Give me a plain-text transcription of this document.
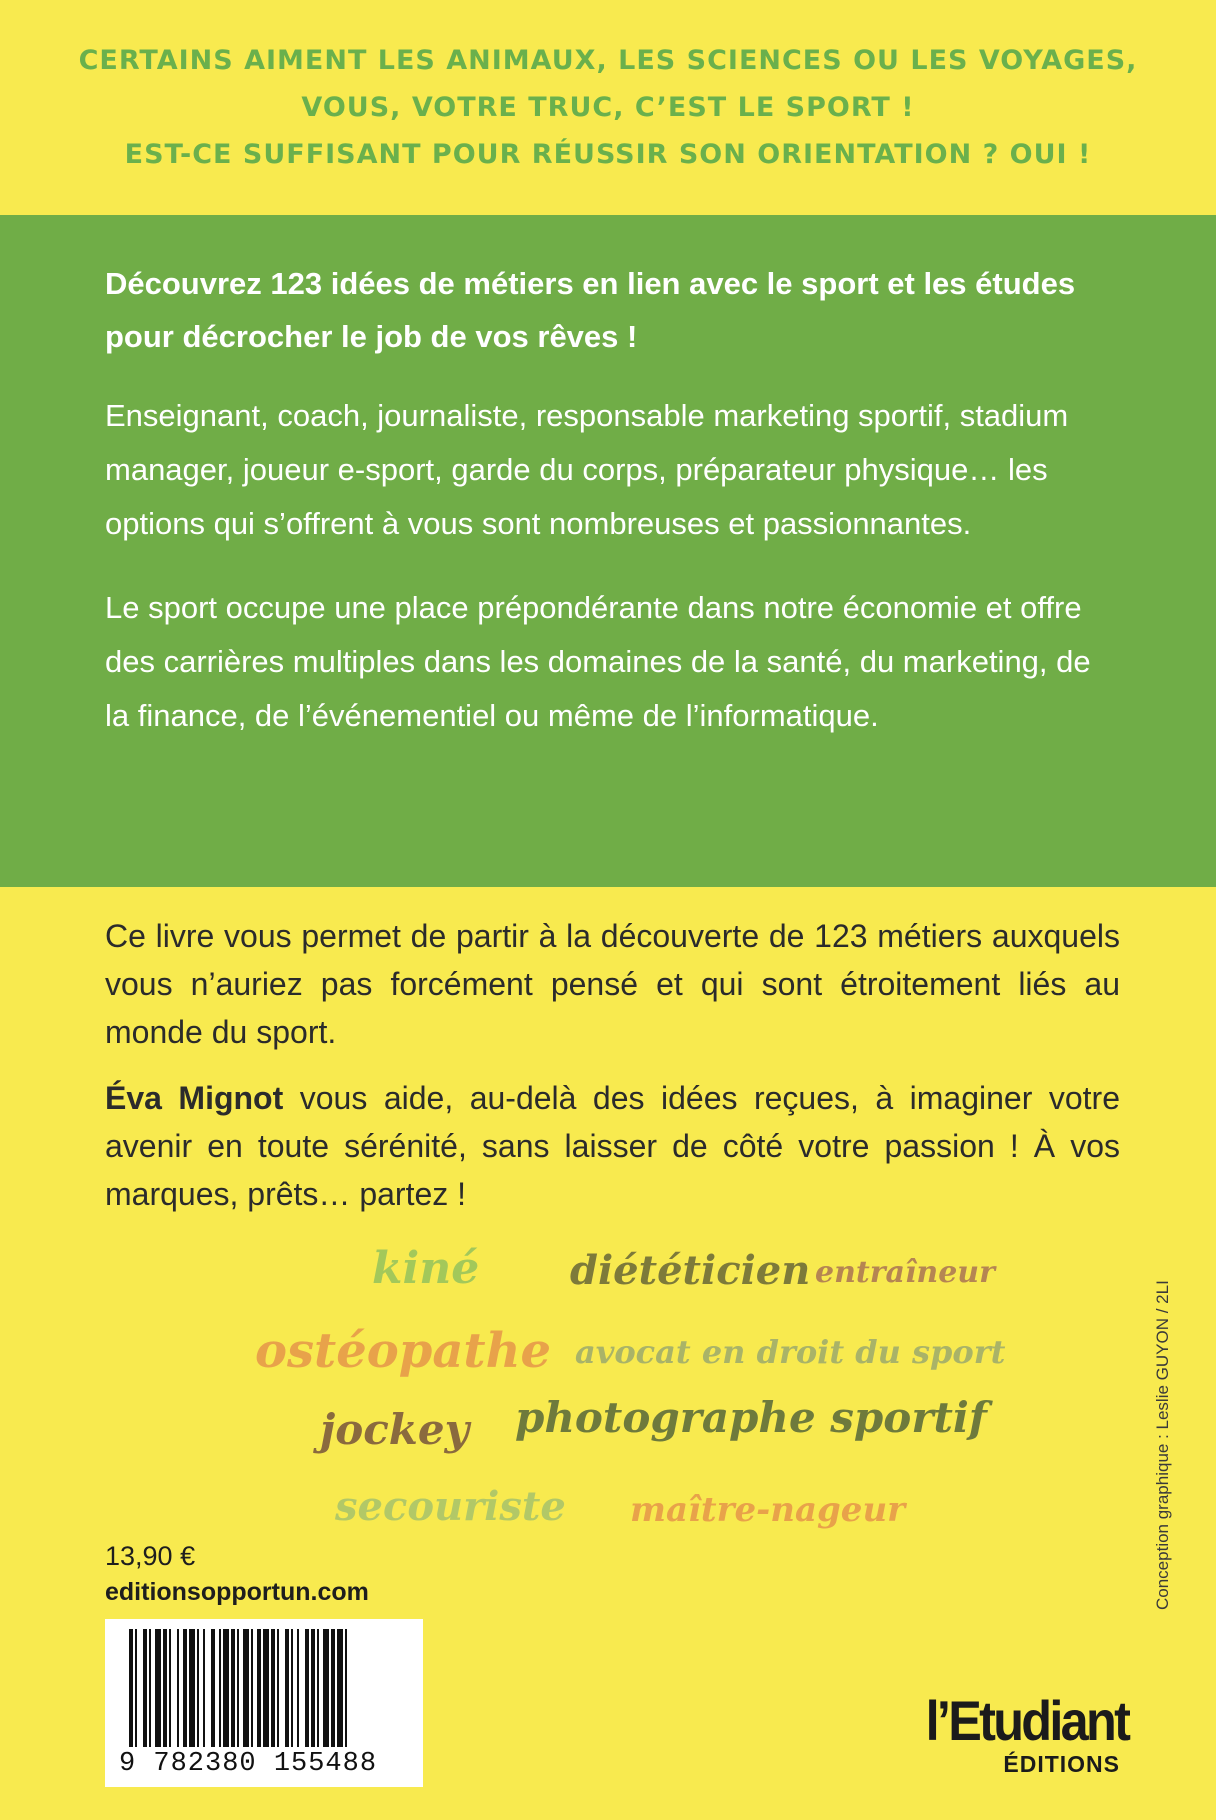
CERTAINS AIMENT LES ANIMAUX, LES SCIENCES OU LES VOYAGES,
VOUS, VOTRE TRUC, C’EST LE SPORT !
EST-CE SUFFISANT POUR RÉUSSIR SON ORIENTATION ? OUI !

Découvrez 123 idées de métiers en lien avec le sport et les études pour décrocher le job de vos rêves !

Enseignant, coach, journaliste, responsable marketing sportif, stadium manager, joueur e-sport, garde du corps, préparateur physique… les options qui s’offrent à vous sont nombreuses et passionnantes.

Le sport occupe une place prépondérante dans notre économie et offre des carrières multiples dans les domaines de la santé, du marketing, de la finance, de l’événementiel ou même de l’informatique.

Ce livre vous permet de partir à la découverte de 123 métiers auxquels vous n’auriez pas forcément pensé et qui sont étroitement liés au monde du sport.

Éva Mignot vous aide, au-delà des idées reçues, à imaginer votre avenir en toute sérénité, sans laisser de côté votre passion ! À vos marques, prêts… partez !

kiné diététicien entraîneur
ostéopathe avocat en droit du sport
jockey photographe sportif
secouriste maître-nageur	Conception graphique : Leslie GUYON / 2LI
13,90 €
editionsopportun.com
9 782380 155488
l’Etudiant
ÉDITIONS
